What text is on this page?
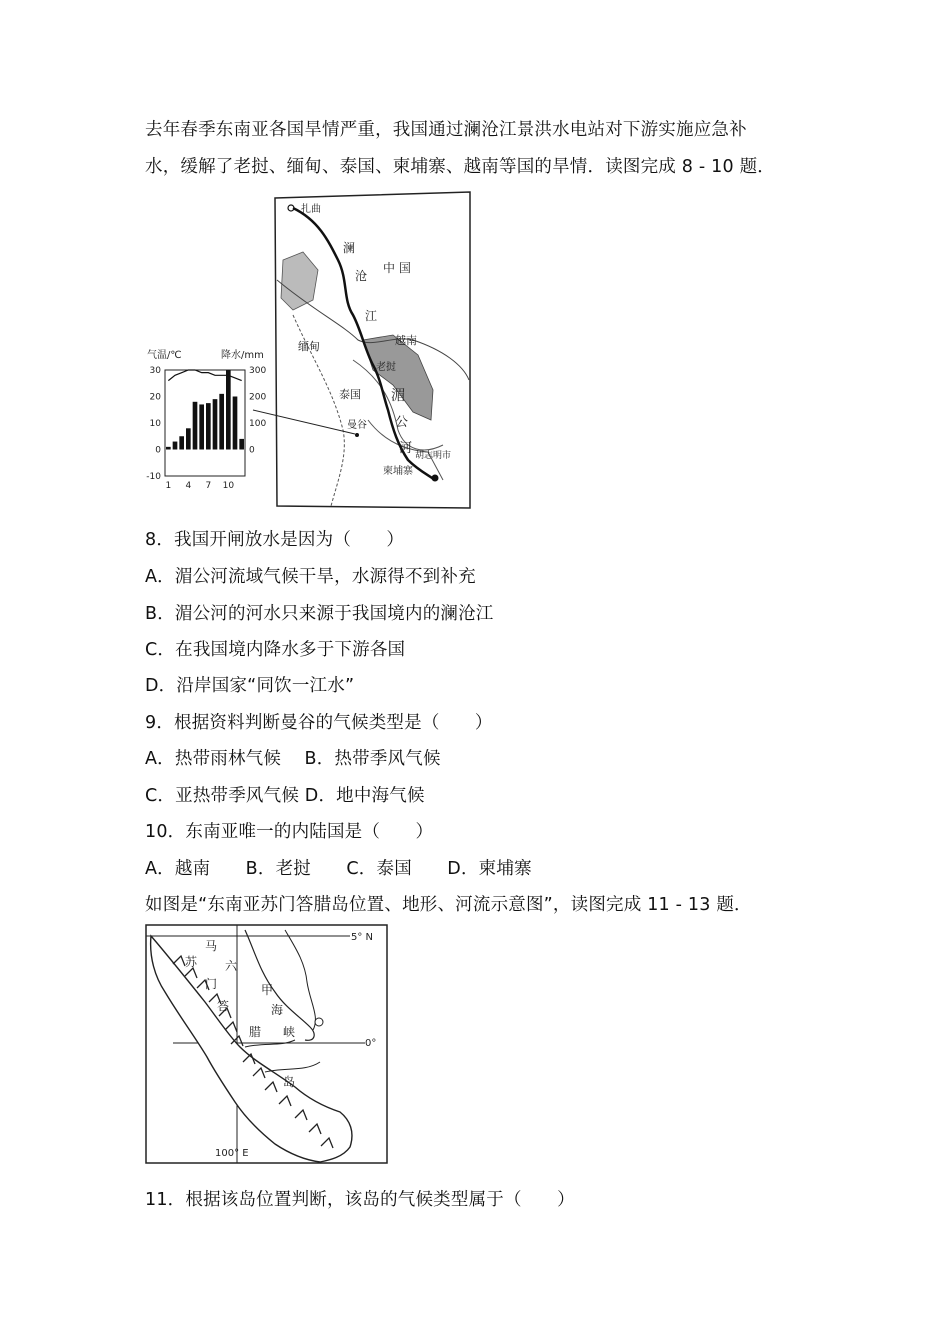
去年春季东南亚各国旱情严重，我国通过澜沧江景洪水电站对下游实施应急补
水，缓解了老挝、缅甸、泰国、柬埔寨、越南等国的旱情．读图完成 8 - 10 题．
扎曲
澜
沧
江
中 国
缅甸	越南
老挝
泰国 湄
公
河
曼谷
柬埔寨
胡志明市
气温/℃	降水/mm
30
20
10
0
-10
300
200
100
0
1 4 7 10
8．我国开闸放水是因为（　　）
A．湄公河流域气候干旱，水源得不到补充
B．湄公河的河水只来源于我国境内的澜沧江
C．在我国境内降水多于下游各国
D．沿岸国家“同饮一江水”
9．根据资料判断曼谷的气候类型是（　　）
A．热带雨林气候　 B．热带季风气候
C．亚热带季风气候 D．地中海气候
10．东南亚唯一的内陆国是（　　）
A．越南　　B．老挝　　C．泰国　　D．柬埔寨
如图是“东南亚苏门答腊岛位置、地形、河流示意图”，读图完成 11 - 13 题．
马
六
甲
海
峡
苏
门
答
腊
岛
5° N
0°
100° E
11．根据该岛位置判断，该岛的气候类型属于（　　）
